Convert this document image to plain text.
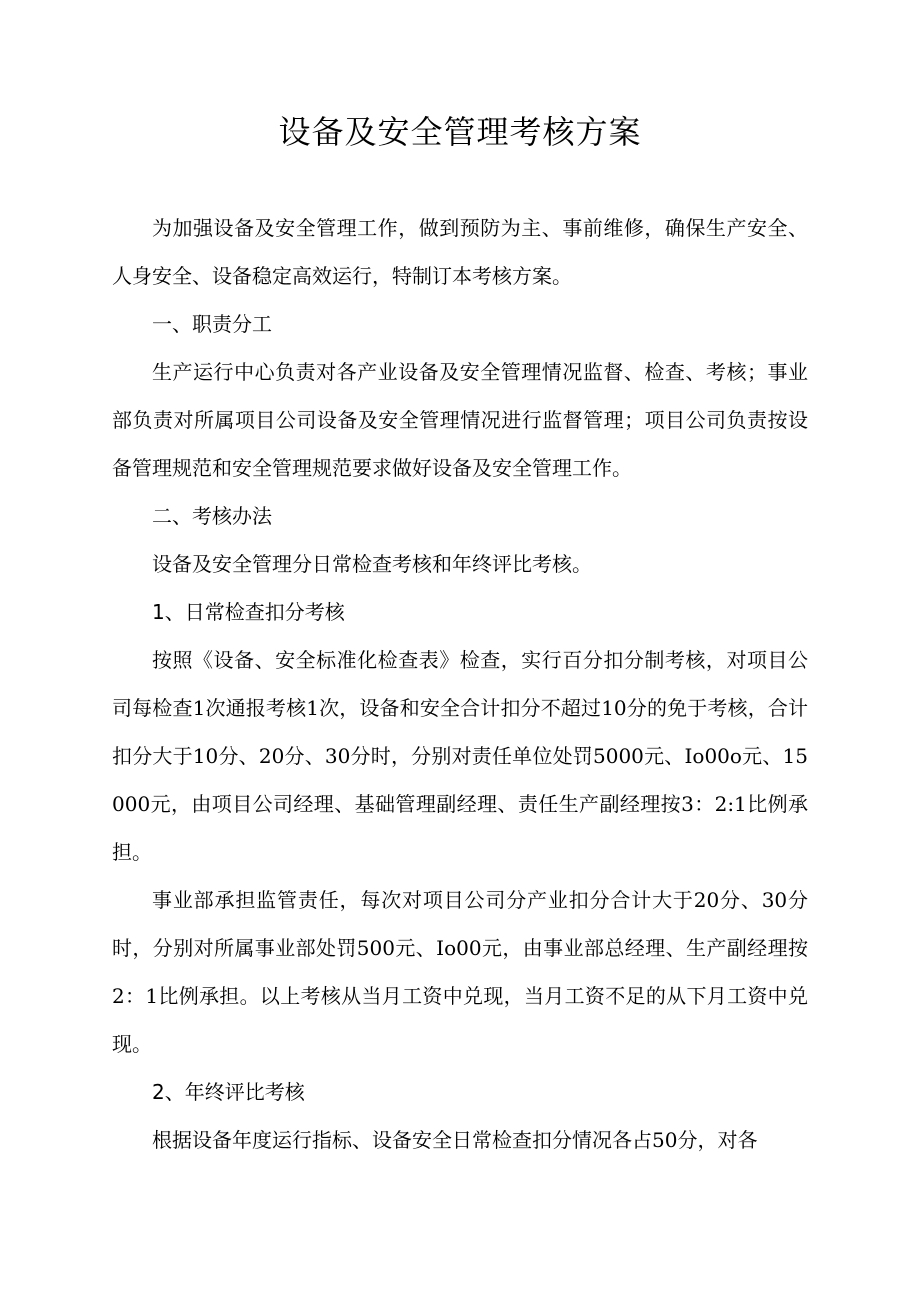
设备及安全管理考核方案

为加强设备及安全管理工作，做到预防为主、事前维修，确保生产安全、人身安全、设备稳定高效运行，特制订本考核方案。

一、职责分工

生产运行中心负责对各产业设备及安全管理情况监督、检查、考核；事业部负责对所属项目公司设备及安全管理情况进行监督管理；项目公司负责按设备管理规范和安全管理规范要求做好设备及安全管理工作。

二、考核办法

设备及安全管理分日常检查考核和年终评比考核。

1、日常检查扣分考核

按照《设备、安全标准化检查表》检查，实行百分扣分制考核，对项目公司每检查1次通报考核1次，设备和安全合计扣分不超过10分的免于考核，合计扣分大于10分、20分、30分时，分别对责任单位处罚5000元、Io00o元、15000元，由项目公司经理、基础管理副经理、责任生产副经理按3：2:1比例承担。

事业部承担监管责任，每次对项目公司分产业扣分合计大于20分、30分时，分别对所属事业部处罚500元、Io00元，由事业部总经理、生产副经理按2：1比例承担。以上考核从当月工资中兑现，当月工资不足的从下月工资中兑现。

2、年终评比考核

根据设备年度运行指标、设备安全日常检查扣分情况各占50分，对各
